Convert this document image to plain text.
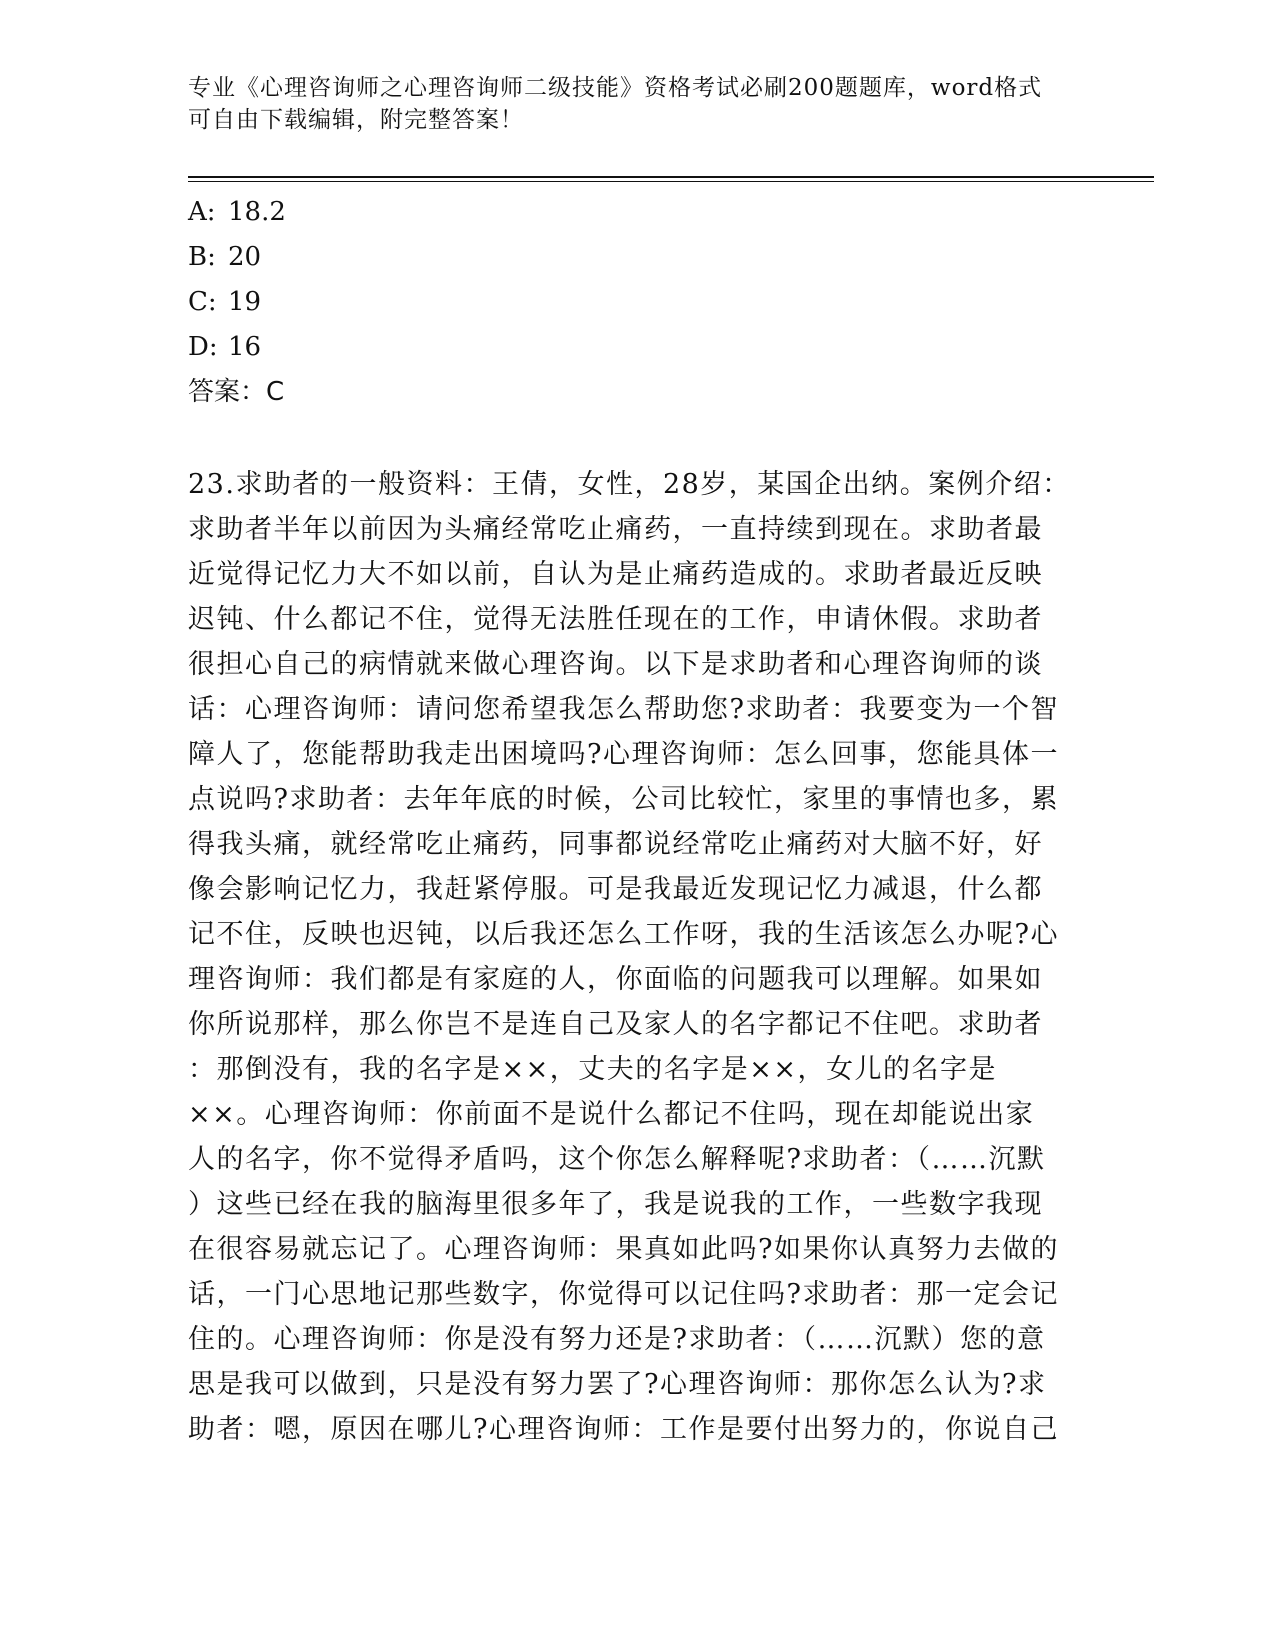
专业《心理咨询师之心理咨询师二级技能》资格考试必刷200题题库，word格式
可自由下载编辑，附完整答案！
A: 18.2
B: 20
C: 19
D: 16
答案：C
23.求助者的一般资料：王倩，女性，28岁，某国企出纳。案例介绍：
求助者半年以前因为头痛经常吃止痛药，一直持续到现在。求助者最
近觉得记忆力大不如以前，自认为是止痛药造成的。求助者最近反映
迟钝、什么都记不住，觉得无法胜任现在的工作，申请休假。求助者
很担心自己的病情就来做心理咨询。以下是求助者和心理咨询师的谈
话：心理咨询师：请问您希望我怎么帮助您?求助者：我要变为一个智
障人了，您能帮助我走出困境吗?心理咨询师：怎么回事，您能具体一
点说吗?求助者：去年年底的时候，公司比较忙，家里的事情也多，累
得我头痛，就经常吃止痛药，同事都说经常吃止痛药对大脑不好，好
像会影响记忆力，我赶紧停服。可是我最近发现记忆力减退，什么都
记不住，反映也迟钝，以后我还怎么工作呀，我的生活该怎么办呢?心
理咨询师：我们都是有家庭的人，你面临的问题我可以理解。如果如
你所说那样，那么你岂不是连自己及家人的名字都记不住吧。求助者
：那倒没有，我的名字是××，丈夫的名字是××，女儿的名字是
××。心理咨询师：你前面不是说什么都记不住吗，现在却能说出家
人的名字，你不觉得矛盾吗，这个你怎么解释呢?求助者：（……沉默
）这些已经在我的脑海里很多年了，我是说我的工作，一些数字我现
在很容易就忘记了。心理咨询师：果真如此吗?如果你认真努力去做的
话，一门心思地记那些数字，你觉得可以记住吗?求助者：那一定会记
住的。心理咨询师：你是没有努力还是?求助者：（……沉默）您的意
思是我可以做到，只是没有努力罢了?心理咨询师：那你怎么认为?求
助者：嗯，原因在哪儿?心理咨询师：工作是要付出努力的，你说自己
